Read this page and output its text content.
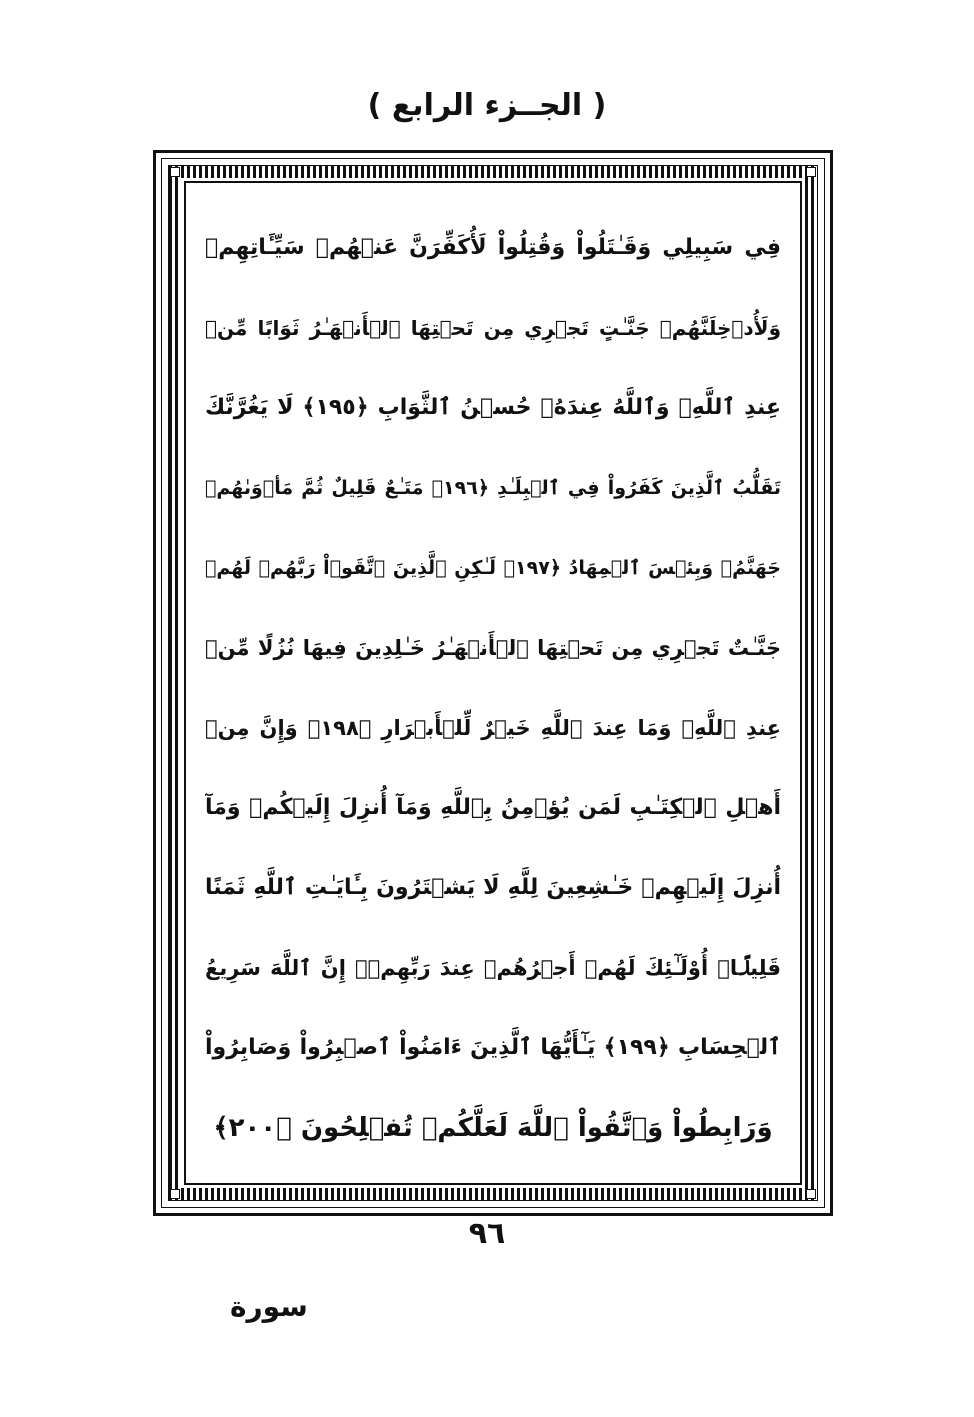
( الجــزء الرابع )
فِي سَبِيلِي وَقَـٰتَلُواْ وَقُتِلُواْ لَأُكَفِّرَنَّ عَنۡهُمۡ سَيِّـَٔاتِهِمۡ
وَلَأُدۡخِلَنَّهُمۡ جَنَّـٰتٍ تَجۡرِي مِن تَحۡتِهَا ٱلۡأَنۡهَـٰرُ ثَوَابًا مِّنۡ
عِندِ ٱللَّهِۚ وَٱللَّهُ عِندَهُۥ حُسۡنُ ٱلثَّوَابِ ﴿١٩٥﴾ لَا يَغُرَّنَّكَ
تَقَلُّبُ ٱلَّذِينَ كَفَرُواْ فِي ٱلۡبِلَـٰدِ ﴿١٩٦﴾ مَتَـٰعٌ قَلِيلٌ ثُمَّ مَأۡوَىٰهُمۡ
جَهَنَّمُۖ وَبِئۡسَ ٱلۡمِهَادُ ﴿١٩٧﴾ لَـٰكِنِ ٱلَّذِينَ ٱتَّقَوۡاْ رَبَّهُمۡ لَهُمۡ
جَنَّـٰتٌ تَجۡرِي مِن تَحۡتِهَا ٱلۡأَنۡهَـٰرُ خَـٰلِدِينَ فِيهَا نُزُلًا مِّنۡ
عِندِ ٱللَّهِۗ وَمَا عِندَ ٱللَّهِ خَيۡرٌ لِّلۡأَبۡرَارِ ﴿١٩٨﴾ وَإِنَّ مِنۡ
أَهۡلِ ٱلۡكِتَـٰبِ لَمَن يُؤۡمِنُ بِٱللَّهِ وَمَآ أُنزِلَ إِلَيۡكُمۡ وَمَآ
أُنزِلَ إِلَيۡهِمۡ خَـٰشِعِينَ لِلَّهِ لَا يَشۡتَرُونَ بِـَٔايَـٰتِ ٱللَّهِ ثَمَنًا
قَلِيلًاۚ أُوْلَـٰٓئِكَ لَهُمۡ أَجۡرُهُمۡ عِندَ رَبِّهِمۡۗ إِنَّ ٱللَّهَ سَرِيعُ
ٱلۡحِسَابِ ﴿١٩٩﴾ يَـٰٓأَيُّهَا ٱلَّذِينَ ءَامَنُواْ ٱصۡبِرُواْ وَصَابِرُواْ
وَرَابِطُواْ وَٱتَّقُواْ ٱللَّهَ لَعَلَّكُمۡ تُفۡلِحُونَ ﴿٢٠٠﴾
٩٦
سورة
